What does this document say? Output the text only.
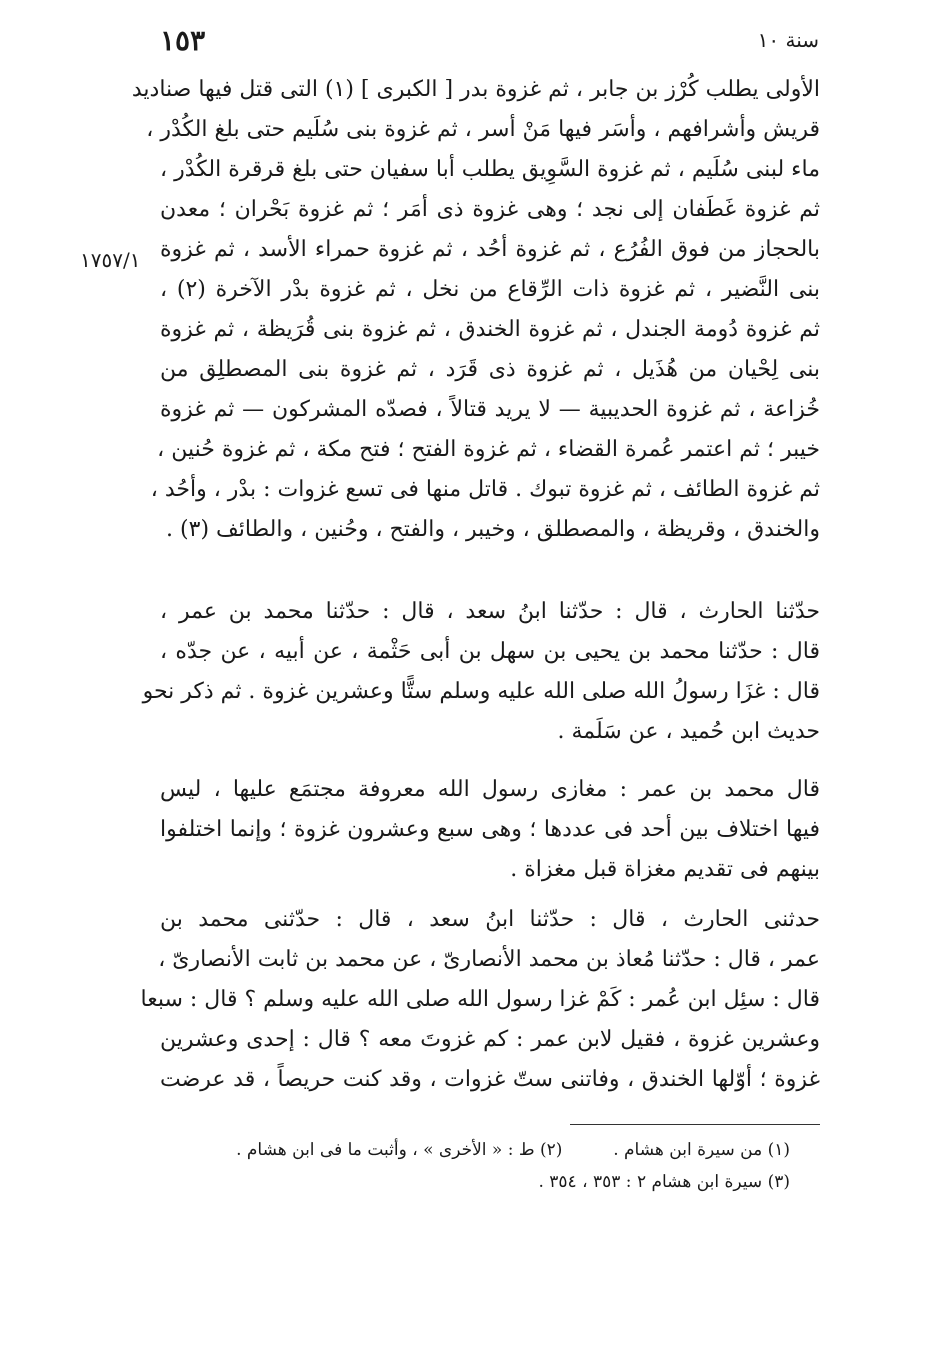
سنة ١٠
١٥٣
١٧٥٧/١
الأولى يطلب كُرْز بن جابر ، ثم غزوة بدر [ الكبرى ] (١) التى قتل فيها صناديد
قريش وأشرافهم ، وأسَر فيها مَنْ أسر ، ثم غزوة بنى سُلَيم حتى بلغ الكُدْر ،
ماء لبنى سُلَيم ، ثم غزوة السَّوِيق يطلب أبا سفيان حتى بلغ قرقرة الكُدْر ،
ثم غزوة غَطَفان إلى نجد ؛ وهى غزوة ذى أمَر ؛ ثم غزوة بَحْران ؛ معدن
بالحجاز من فوق الفُرُع ، ثم غزوة أحُد ، ثم غزوة حمراء الأسد ، ثم غزوة
بنى النَّضير ، ثم غزوة ذات الرِّقاع من نخل ، ثم غزوة بدْر الآخرة (٢) ،
ثم غزوة دُومة الجندل ، ثم غزوة الخندق ، ثم غزوة بنى قُرَيظة ، ثم غزوة
بنى لِحْيان من هُذَيل ، ثم غزوة ذى قَرَد ، ثم غزوة بنى المصطلِق من
خُزاعة ، ثم غزوة الحديبية — لا يريد قتالاً ، فصدّه المشركون — ثم غزوة
خيبر ؛ ثم اعتمر عُمرة القضاء ، ثم غزوة الفتح ؛ فتح مكة ، ثم غزوة حُنين ،
ثم غزوة الطائف ، ثم غزوة تبوك . قاتل منها فى تسع غزوات : بدْر ، وأحُد ،
والخندق ، وقريظة ، والمصطلق ، وخيبر ، والفتح ، وحُنين ، والطائف (٣) .
حدّثنا الحارث ، قال : حدّثنا ابنُ سعد ، قال : حدّثنا محمد بن عمر ،
قال : حدّثنا محمد بن يحيى بن سهل بن أبى حَثْمة ، عن أبيه ، عن جدّه ،
قال : غزَا رسولُ الله صلى الله عليه وسلم ستًّا وعشرين غزوة . ثم ذكر نحو
حديث ابن حُميد ، عن سَلَمة .
قال محمد بن عمر : مغازى رسول الله معروفة مجتمَع عليها ، ليس
فيها اختلاف بين أحد فى عددها ؛ وهى سبع وعشرون غزوة ؛ وإنما اختلفوا
بينهم فى تقديم مغزاة قبل مغزاة .
حدثنى الحارث ، قال : حدّثنا ابنُ سعد ، قال : حدّثنى محمد بن
عمر ، قال : حدّثنا مُعاذ بن محمد الأنصارىّ ، عن محمد بن ثابت الأنصارىّ ،
قال : سئِل ابن عُمر : كَمْ غزا رسول الله صلى الله عليه وسلم ؟ قال : سبعا
وعشرين غزوة ، فقيل لابن عمر : كم غزوتَ معه ؟ قال : إحدى وعشرين
غزوة ؛ أوّلها الخندق ، وفاتنى ستّ غزوات ، وقد كنت حريصاً ، قد عرضت
(١) من سيرة ابن هشام .  (٢) ط : « الأخرى » ، وأثبت ما فى ابن هشام .
(٣) سيرة ابن هشام ٢ : ٣٥٣ ، ٣٥٤ .
